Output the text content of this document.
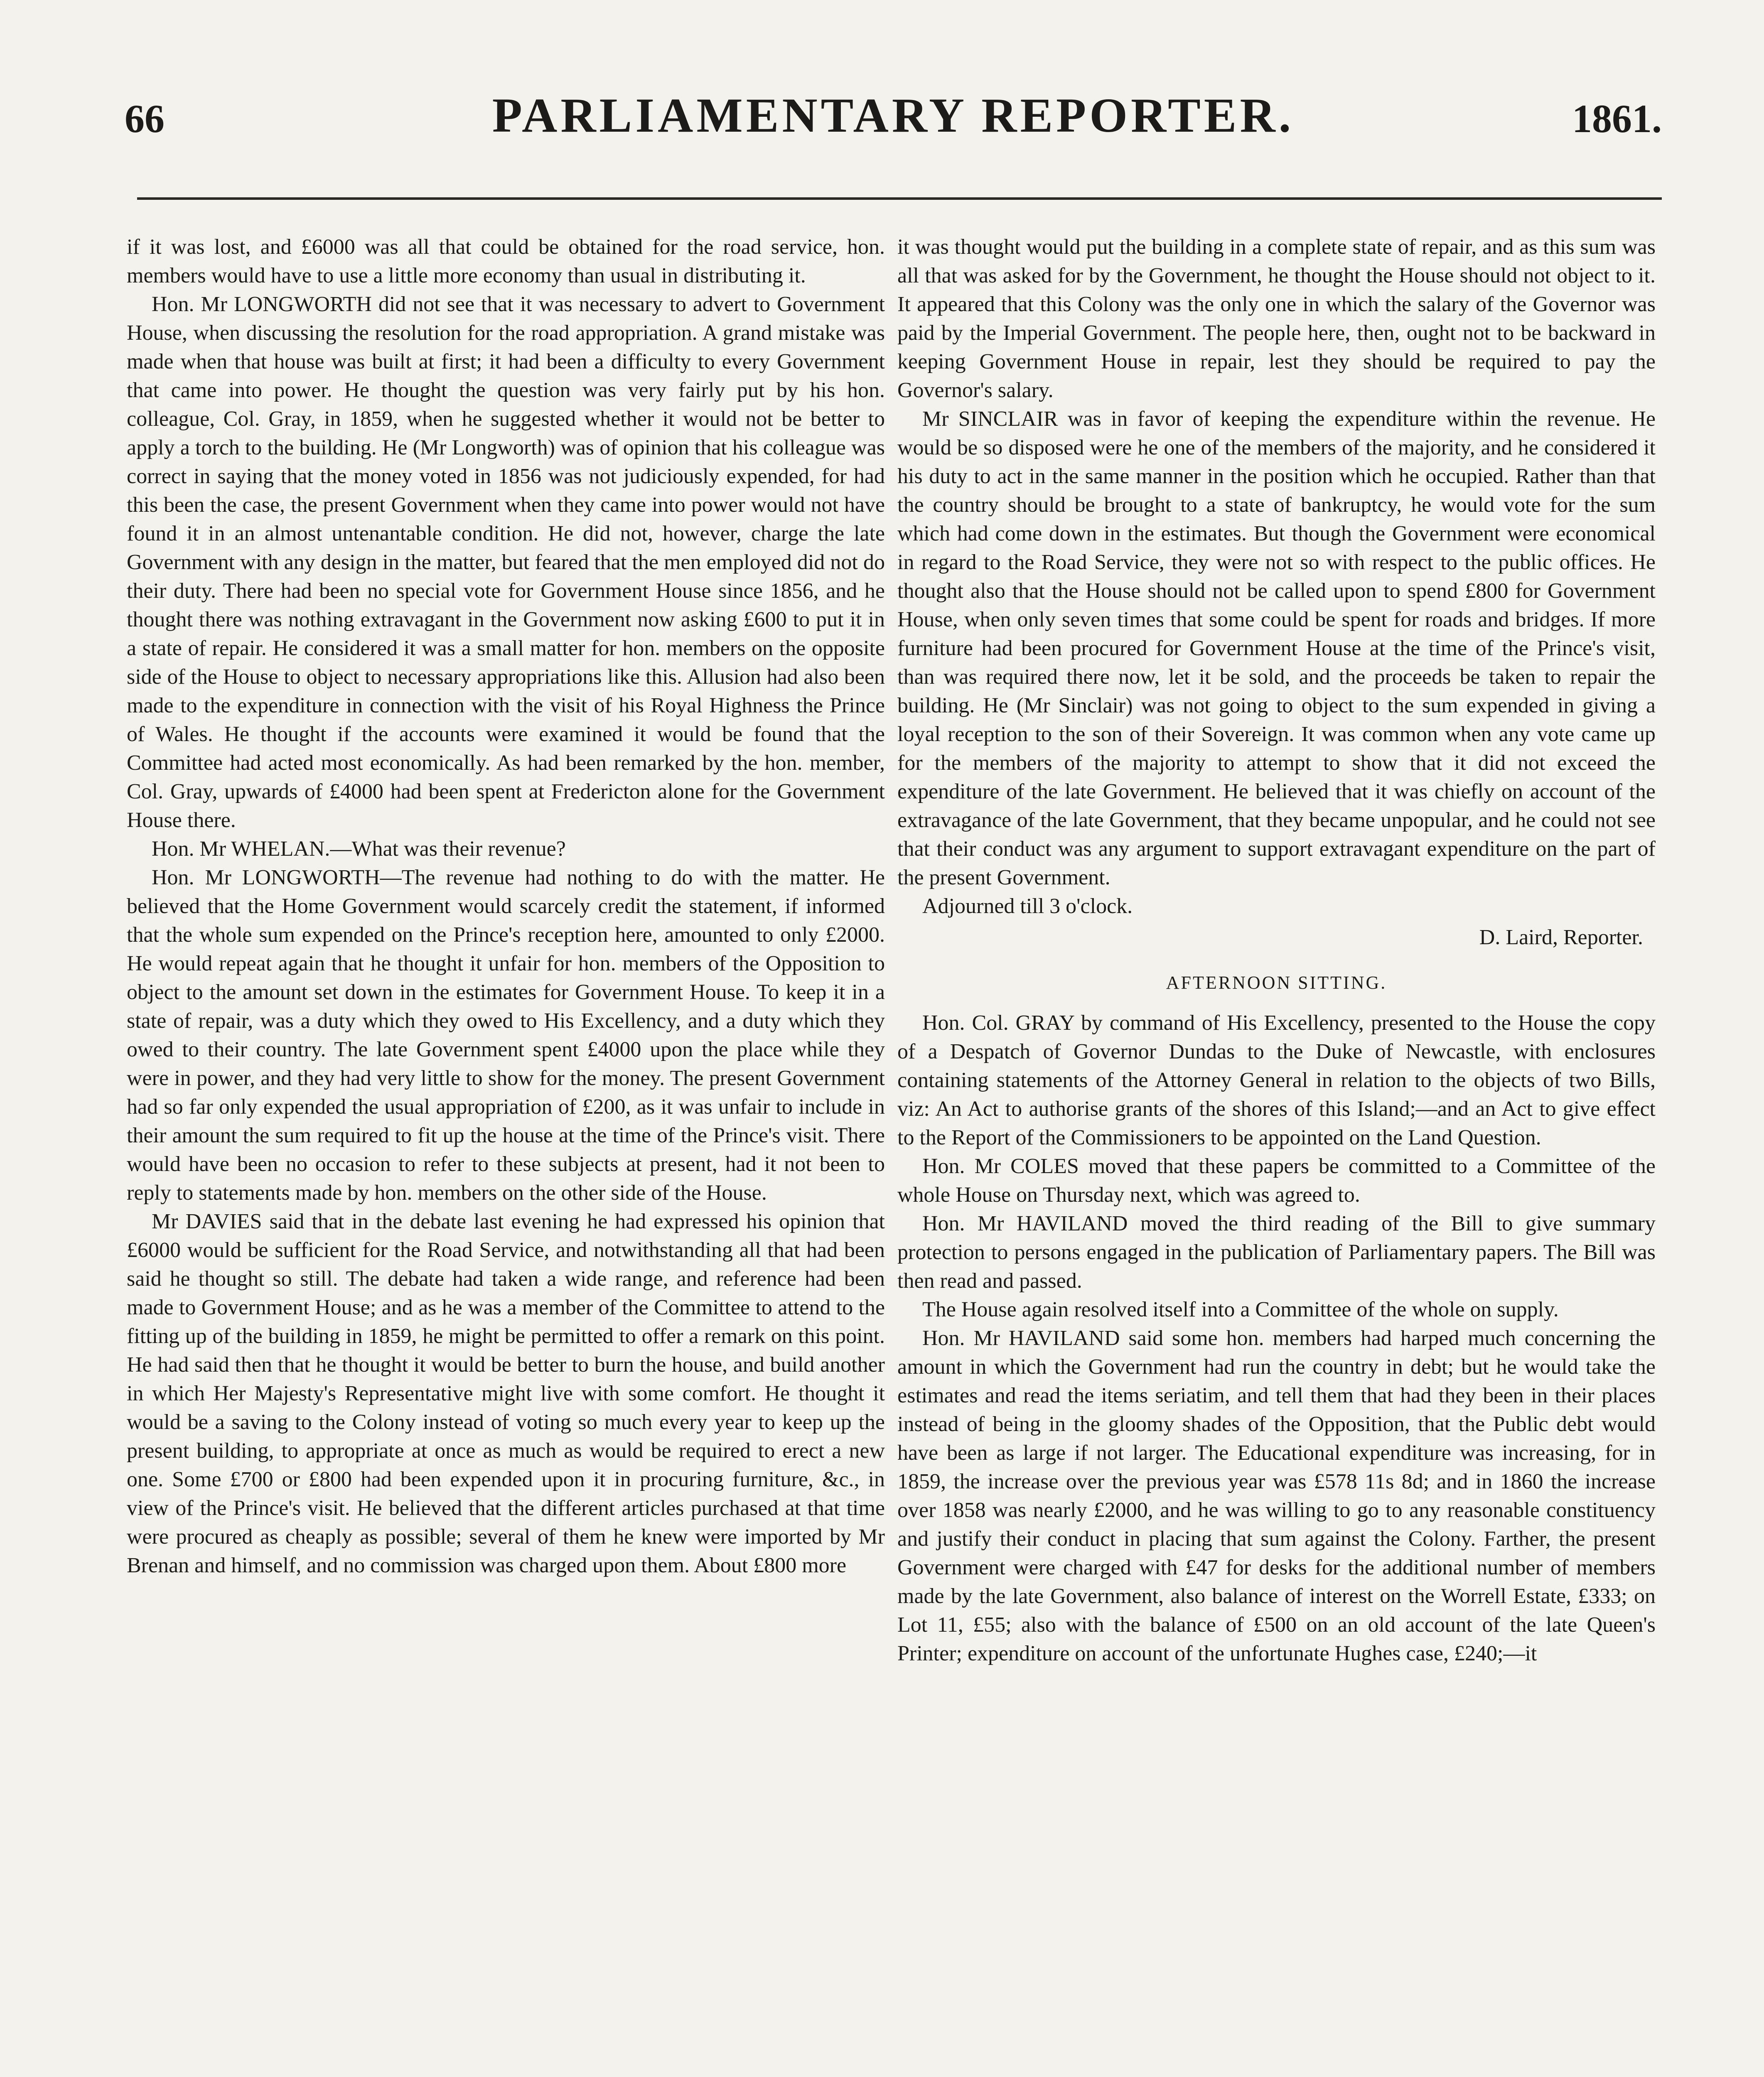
66	PARLIAMENTARY REPORTER.	1861.

if it was lost, and £6000 was all that could be obtained for the road service, hon. members would have to use a little more economy than usual in distributing it.

Hon. Mr LONGWORTH did not see that it was necessary to advert to Government House, when discussing the resolution for the road appropriation. A grand mistake was made when that house was built at first; it had been a difficulty to every Government that came into power. He thought the question was very fairly put by his hon. colleague, Col. Gray, in 1859, when he suggested whether it would not be better to apply a torch to the building. He (Mr Longworth) was of opinion that his colleague was correct in saying that the money voted in 1856 was not judiciously expended, for had this been the case, the present Government when they came into power would not have found it in an almost untenantable condition. He did not, however, charge the late Government with any design in the matter, but feared that the men employed did not do their duty. There had been no special vote for Government House since 1856, and he thought there was nothing extravagant in the Government now asking £600 to put it in a state of repair. He considered it was a small matter for hon. members on the opposite side of the House to object to necessary appropriations like this. Allusion had also been made to the expenditure in connection with the visit of his Royal Highness the Prince of Wales. He thought if the accounts were examined it would be found that the Committee had acted most economically. As had been remarked by the hon. member, Col. Gray, upwards of £4000 had been spent at Fredericton alone for the Government House there.

Hon. Mr WHELAN.—What was their revenue?

Hon. Mr LONGWORTH—The revenue had nothing to do with the matter. He believed that the Home Government would scarcely credit the statement, if informed that the whole sum expended on the Prince's reception here, amounted to only £2000. He would repeat again that he thought it unfair for hon. members of the Opposition to object to the amount set down in the estimates for Government House. To keep it in a state of repair, was a duty which they owed to His Excellency, and a duty which they owed to their country. The late Government spent £4000 upon the place while they were in power, and they had very little to show for the money. The present Government had so far only expended the usual appropriation of £200, as it was unfair to include in their amount the sum required to fit up the house at the time of the Prince's visit. There would have been no occasion to refer to these subjects at present, had it not been to reply to statements made by hon. members on the other side of the House.

Mr DAVIES said that in the debate last evening he had expressed his opinion that £6000 would be sufficient for the Road Service, and notwithstanding all that had been said he thought so still. The debate had taken a wide range, and reference had been made to Government House; and as he was a member of the Committee to attend to the fitting up of the building in 1859, he might be permitted to offer a remark on this point. He had said then that he thought it would be better to burn the house, and build another in which Her Majesty's Representative might live with some comfort. He thought it would be a saving to the Colony instead of voting so much every year to keep up the present building, to appropriate at once as much as would be required to erect a new one. Some £700 or £800 had been expended upon it in procuring furniture, &c., in view of the Prince's visit. He believed that the different articles purchased at that time were procured as cheaply as possible; several of them he knew were imported by Mr Brenan and himself, and no commission was charged upon them. About £800 more

it was thought would put the building in a complete state of repair, and as this sum was all that was asked for by the Government, he thought the House should not object to it. It appeared that this Colony was the only one in which the salary of the Governor was paid by the Imperial Government. The people here, then, ought not to be backward in keeping Government House in repair, lest they should be required to pay the Governor's salary.

Mr SINCLAIR was in favor of keeping the expenditure within the revenue. He would be so disposed were he one of the members of the majority, and he considered it his duty to act in the same manner in the position which he occupied. Rather than that the country should be brought to a state of bankruptcy, he would vote for the sum which had come down in the estimates. But though the Government were economical in regard to the Road Service, they were not so with respect to the public offices. He thought also that the House should not be called upon to spend £800 for Government House, when only seven times that some could be spent for roads and bridges. If more furniture had been procured for Government House at the time of the Prince's visit, than was required there now, let it be sold, and the proceeds be taken to repair the building. He (Mr Sinclair) was not going to object to the sum expended in giving a loyal reception to the son of their Sovereign. It was common when any vote came up for the members of the majority to attempt to show that it did not exceed the expenditure of the late Government. He believed that it was chiefly on account of the extravagance of the late Government, that they became unpopular, and he could not see that their conduct was any argument to support extravagant expenditure on the part of the present Government.

Adjourned till 3 o'clock.

D. Laird, Reporter.

AFTERNOON SITTING.

Hon. Col. GRAY by command of His Excellency, presented to the House the copy of a Despatch of Governor Dundas to the Duke of Newcastle, with enclosures containing statements of the Attorney General in relation to the objects of two Bills, viz: An Act to authorise grants of the shores of this Island;—and an Act to give effect to the Report of the Commissioners to be appointed on the Land Question.

Hon. Mr COLES moved that these papers be committed to a Committee of the whole House on Thursday next, which was agreed to.

Hon. Mr HAVILAND moved the third reading of the Bill to give summary protection to persons engaged in the publication of Parliamentary papers. The Bill was then read and passed.

The House again resolved itself into a Committee of the whole on supply.

Hon. Mr HAVILAND said some hon. members had harped much concerning the amount in which the Government had run the country in debt; but he would take the estimates and read the items seriatim, and tell them that had they been in their places instead of being in the gloomy shades of the Opposition, that the Public debt would have been as large if not larger. The Educational expenditure was increasing, for in 1859, the increase over the previous year was £578 11s 8d; and in 1860 the increase over 1858 was nearly £2000, and he was willing to go to any reasonable constituency and justify their conduct in placing that sum against the Colony. Farther, the present Government were charged with £47 for desks for the additional number of members made by the late Government, also balance of interest on the Worrell Estate, £333; on Lot 11, £55; also with the balance of £500 on an old account of the late Queen's Printer; expenditure on account of the unfortunate Hughes case, £240;—it
